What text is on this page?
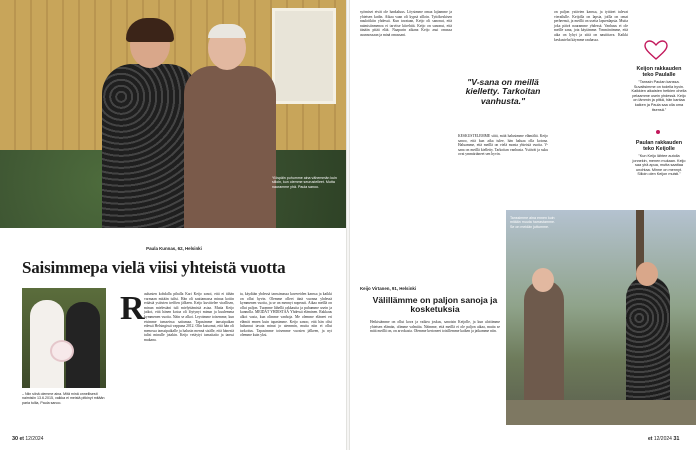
Ylöspäin puhumme aina vähemmän kuin silloin, kun olemme seurustelleet. Mutta nauramme yhä. Paula sanoo.
Paula Kunnas, 62, Helsinki
Saisimmepa vielä viisi yhteistä vuotta
– Niin siinä olemme aina. Mitä minä onnellisesti naimisiin 13.6.2015, valkka ei meistä pitkinyt mitään paria tullia, Paula sanoo.
R auhasten kohdalla pihalla Kari Keijo sanoi, että ei tähän varmaan mitään tulisi. Hän oli saattamassa minua kotiin eräästä ystävien treffien jälkeen. Keijo kuvittelee virallisen, minun mielestäni tuli mielyttämistä asiaa. Mutta Keijo jatkoi, että hänen kotoa oli löytynyt minun ja kuulemma kymmenen vuotta. Näin se alkoi. Leyoimme toisemme, kun etsimme tansseissa sattumaa. Tapasimme tanssipaikan edessä Helsingissä vappuna 2012. Olin katsonut, että hän oli menossa tanssipaikalle ja halusin mennä sisälle, että hänestä tulisi minulle jotakin. Keijo vetäytyi tanssitaito ja tanssi mukana.
ta, käydään yhdessä tanssimassa kavereiden kanssa ja kaikki on ollut hyvin. Olemme olleet tänä vuonna yhdessä kymmenen vuotta, ja se on mennyt nopeasti. Aikaa meillä on ollut paljon. Tuomme lähellä rakkautta ja puhumme usein ja kunnolla. MEIDÄT YHDISTÄÄ Yhdessä eläminen. Rakkaus alkoi vasta, kun olimme vanhoja. Me olemme eläneet eri elämät ennen kuin tapasimme. Keijo sanoo, että hän olisi halunnut tavata minut jo aiemmin, mutta niin ei ollut tarkoitus. Tapasimme toisemme vuosien jälkeen, ja nyt olemme kuin yksi.
30 et 12/2024
syömiset eivät ole hankaluus. Löysimme omaa lajiamme ja yhteisen kodin. Aikaa vaan oli kypsä silloin. Tyttökeskisen nauloitkiin yhdessä. Kun tavataan, Keijo oli sanonut, että naimisiinmenoa ei tarvitse kiirehtiä. Keijo on sanonut, että tänään pitää elää. Naapurin aikana Keijo asui omassa asunnossaan ja minä omassani.
"V-sana on meillä kielletty. Tarkoitan vanhusta."
KESKUSTELEMME siitä, mitä halusimme elämältä. Keijo sanoo, että kun aika tulee, hän haluaa olla kotona. Haluamme, että meillä on vielä monta yhteistä vuotta. V-sana on meillä kielletty. Tarkoitan vanhusta. Ystävät ja suku ovat ymmärtäneet sen hyvin.
on paljon ystävien kanssa, ja tyttäret tulevat vierailulle. Keijolla on lapsia, joilla on omat perheensä, ja meillä on useita lapsenlapsia. Mutta joka päivä nauramme yhdessä. Vanhuus ei ole meille sana, jota käytämme. Ymmärrämme, että aika on lyhyt ja siitä on nautittava. Kaikki keskustelut käymme rauhassa.
Keijon rakkauden teko Paulalle
"Tanssin Paulan kanssa. Suvaitsimme on todella hyvin. Kaikkien aikaisten hetkien ohella pelaamme usein yhdessä. Keijo on lämmin ja pitkä, hän kantaa kaiken ja Paula saa olla oma itsensä."
Paulan rakkauden teko Keijolle
"Kun Keijo lähtee autolla jonnekin, menen mukaan. Keijo saa yhä apua, mutta saattaa unohtaa. Minne on mennyt. Silloin olen Keijon muisti."
Tanssimme aina ennen kuin mitään muuta harrastamme. Se on meidän juttumme.
Keijo Virtanen, 91, Helsinki
Välillämme on paljon sanoja ja kosketuksia
Hetkistämme on ollut kova ja vaikea joskus, sanoisin Keijolle, ja kun aloitimme yhteisen elämän, olimme valmiita. Näimme, että meillä ei ole paljon aikaa, mutta se mitä meillä on, on arvokasta. Olemme kertoneet toisillemme kaiken ja jatkamme niin.
et 12/2024 31
